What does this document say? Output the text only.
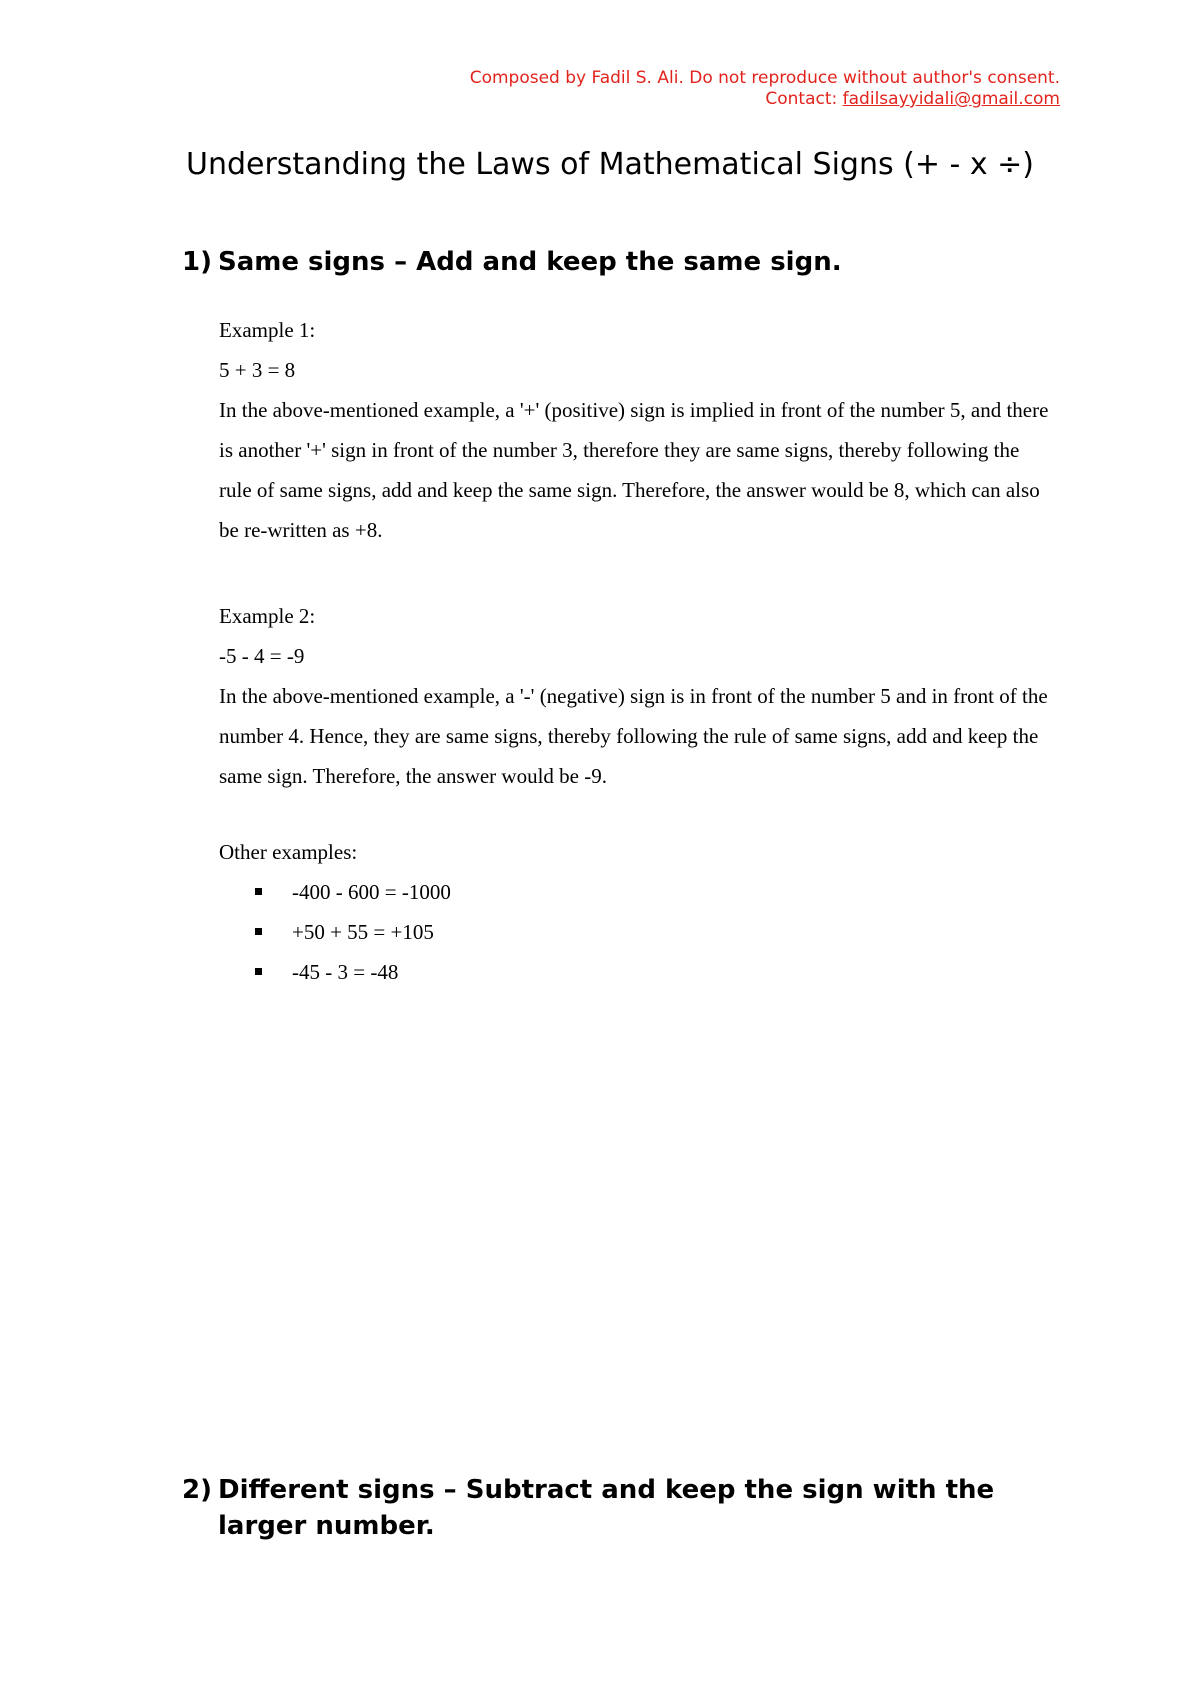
Composed by Fadil S. Ali. Do not reproduce without author's consent.
Contact: fadilsayyidali@gmail.com
Understanding the Laws of Mathematical Signs (+ - x ÷)
1) Same signs – Add and keep the same sign.

Example 1:

5 + 3 = 8

In the above-mentioned example, a '+' (positive) sign is implied in front of the number 5, and there is another '+' sign in front of the number 3, therefore they are same signs, thereby following the rule of same signs, add and keep the same sign. Therefore, the answer would be 8, which can also be re-written as +8.

Example 2:

-5 - 4 = -9

In the above-mentioned example, a '-' (negative) sign is in front of the number 5 and in front of the number 4. Hence, they are same signs, thereby following the rule of same signs, add and keep the same sign. Therefore, the answer would be -9.

Other examples:

-400 - 600 = -1000
+50 + 55 = +105
-45 - 3 = -48
2) Different signs – Subtract and keep the sign with the larger number.
